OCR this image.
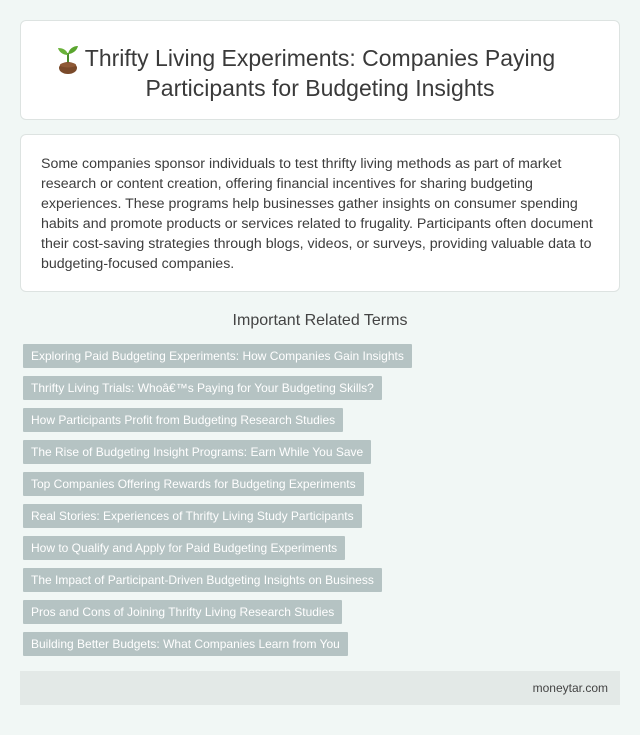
Thrifty Living Experiments: Companies Paying Participants for Budgeting Insights

Some companies sponsor individuals to test thrifty living methods as part of market research or content creation, offering financial incentives for sharing budgeting experiences. These programs help businesses gather insights on consumer spending habits and promote products or services related to frugality. Participants often document their cost-saving strategies through blogs, videos, or surveys, providing valuable data to budgeting-focused companies.

Important Related Terms
Exploring Paid Budgeting Experiments: How Companies Gain Insights
Thrifty Living Trials: Whoâ€™s Paying for Your Budgeting Skills?
How Participants Profit from Budgeting Research Studies
The Rise of Budgeting Insight Programs: Earn While You Save
Top Companies Offering Rewards for Budgeting Experiments
Real Stories: Experiences of Thrifty Living Study Participants
How to Qualify and Apply for Paid Budgeting Experiments
The Impact of Participant-Driven Budgeting Insights on Business
Pros and Cons of Joining Thrifty Living Research Studies
Building Better Budgets: What Companies Learn from You
moneytar.com
